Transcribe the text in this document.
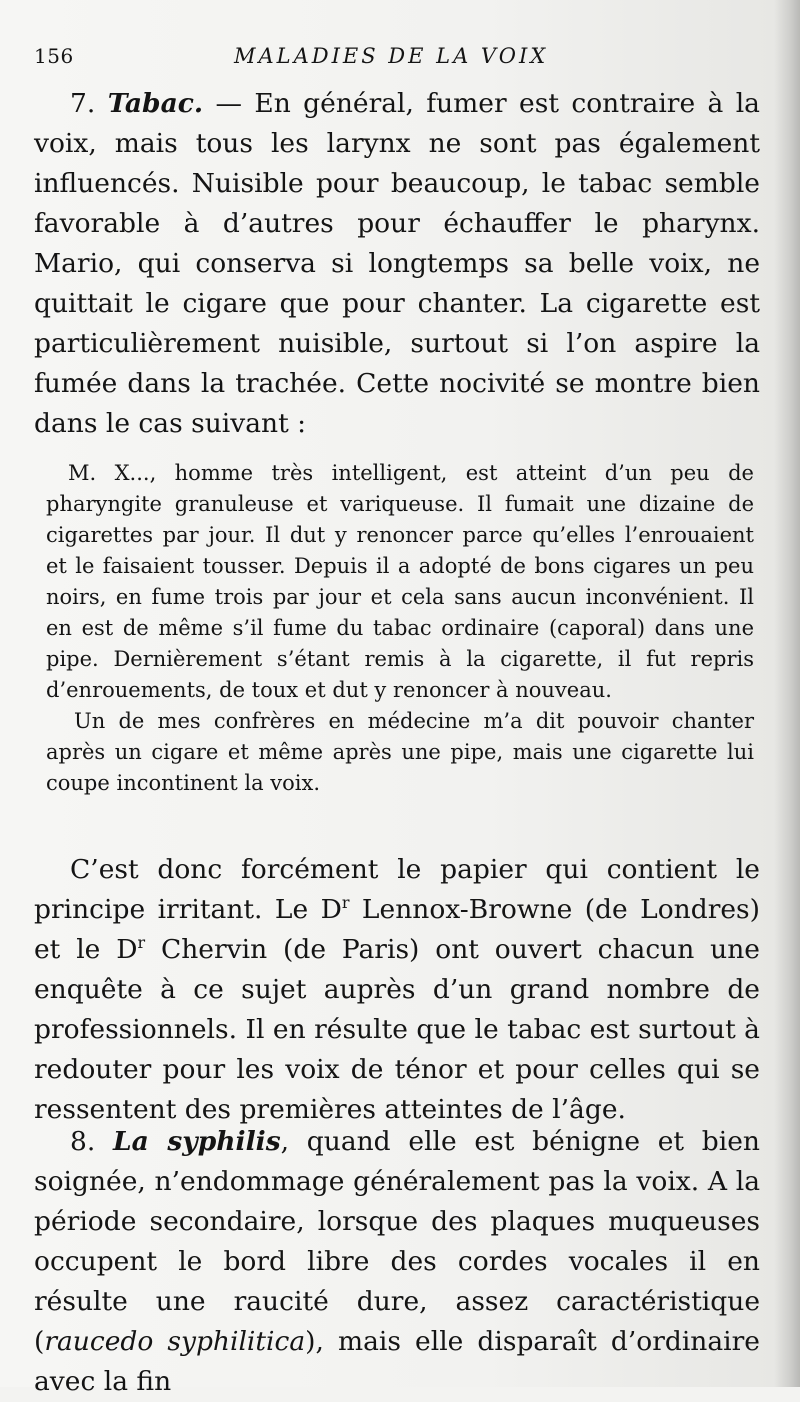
156	MALADIES DE LA VOIX

7. Tabac. — En général, fumer est contraire à la voix, mais tous les larynx ne sont pas également influencés. Nuisible pour beaucoup, le tabac semble favorable à d’autres pour échauffer le pharynx. Mario, qui conserva si longtemps sa belle voix, ne quittait le cigare que pour chanter. La cigarette est particulièrement nuisible, surtout si l’on aspire la fumée dans la trachée. Cette nocivité se montre bien dans le cas suivant :

M. X..., homme très intelligent, est atteint d’un peu de pharyngite granuleuse et variqueuse. Il fumait une dizaine de cigarettes par jour. Il dut y renoncer parce qu’elles l’enrouaient et le faisaient tousser. Depuis il a adopté de bons cigares un peu noirs, en fume trois par jour et cela sans aucun inconvénient. Il en est de même s’il fume du tabac ordinaire (caporal) dans une pipe. Dernièrement s’étant remis à la cigarette, il fut repris d’enrouements, de toux et dut y renoncer à nouveau.

Un de mes confrères en médecine m’a dit pouvoir chanter après un cigare et même après une pipe, mais une cigarette lui coupe incontinent la voix.

C’est donc forcément le papier qui contient le principe irritant. Le $D^r$ Lennox-Browne (de Londres) et le $D^r$ Chervin (de Paris) ont ouvert chacun une enquête à ce sujet auprès d’un grand nombre de professionnels. Il en résulte que le tabac est surtout à redouter pour les voix de ténor et pour celles qui se ressentent des premières atteintes de l’âge.

8. La syphilis, quand elle est bénigne et bien soignée, n’endommage généralement pas la voix. A la période secondaire, lorsque des plaques muqueuses occupent le bord libre des cordes vocales il en résulte une raucité dure, assez caractéristique (raucedo syphilitica), mais elle disparaît d’ordinaire avec la fin
